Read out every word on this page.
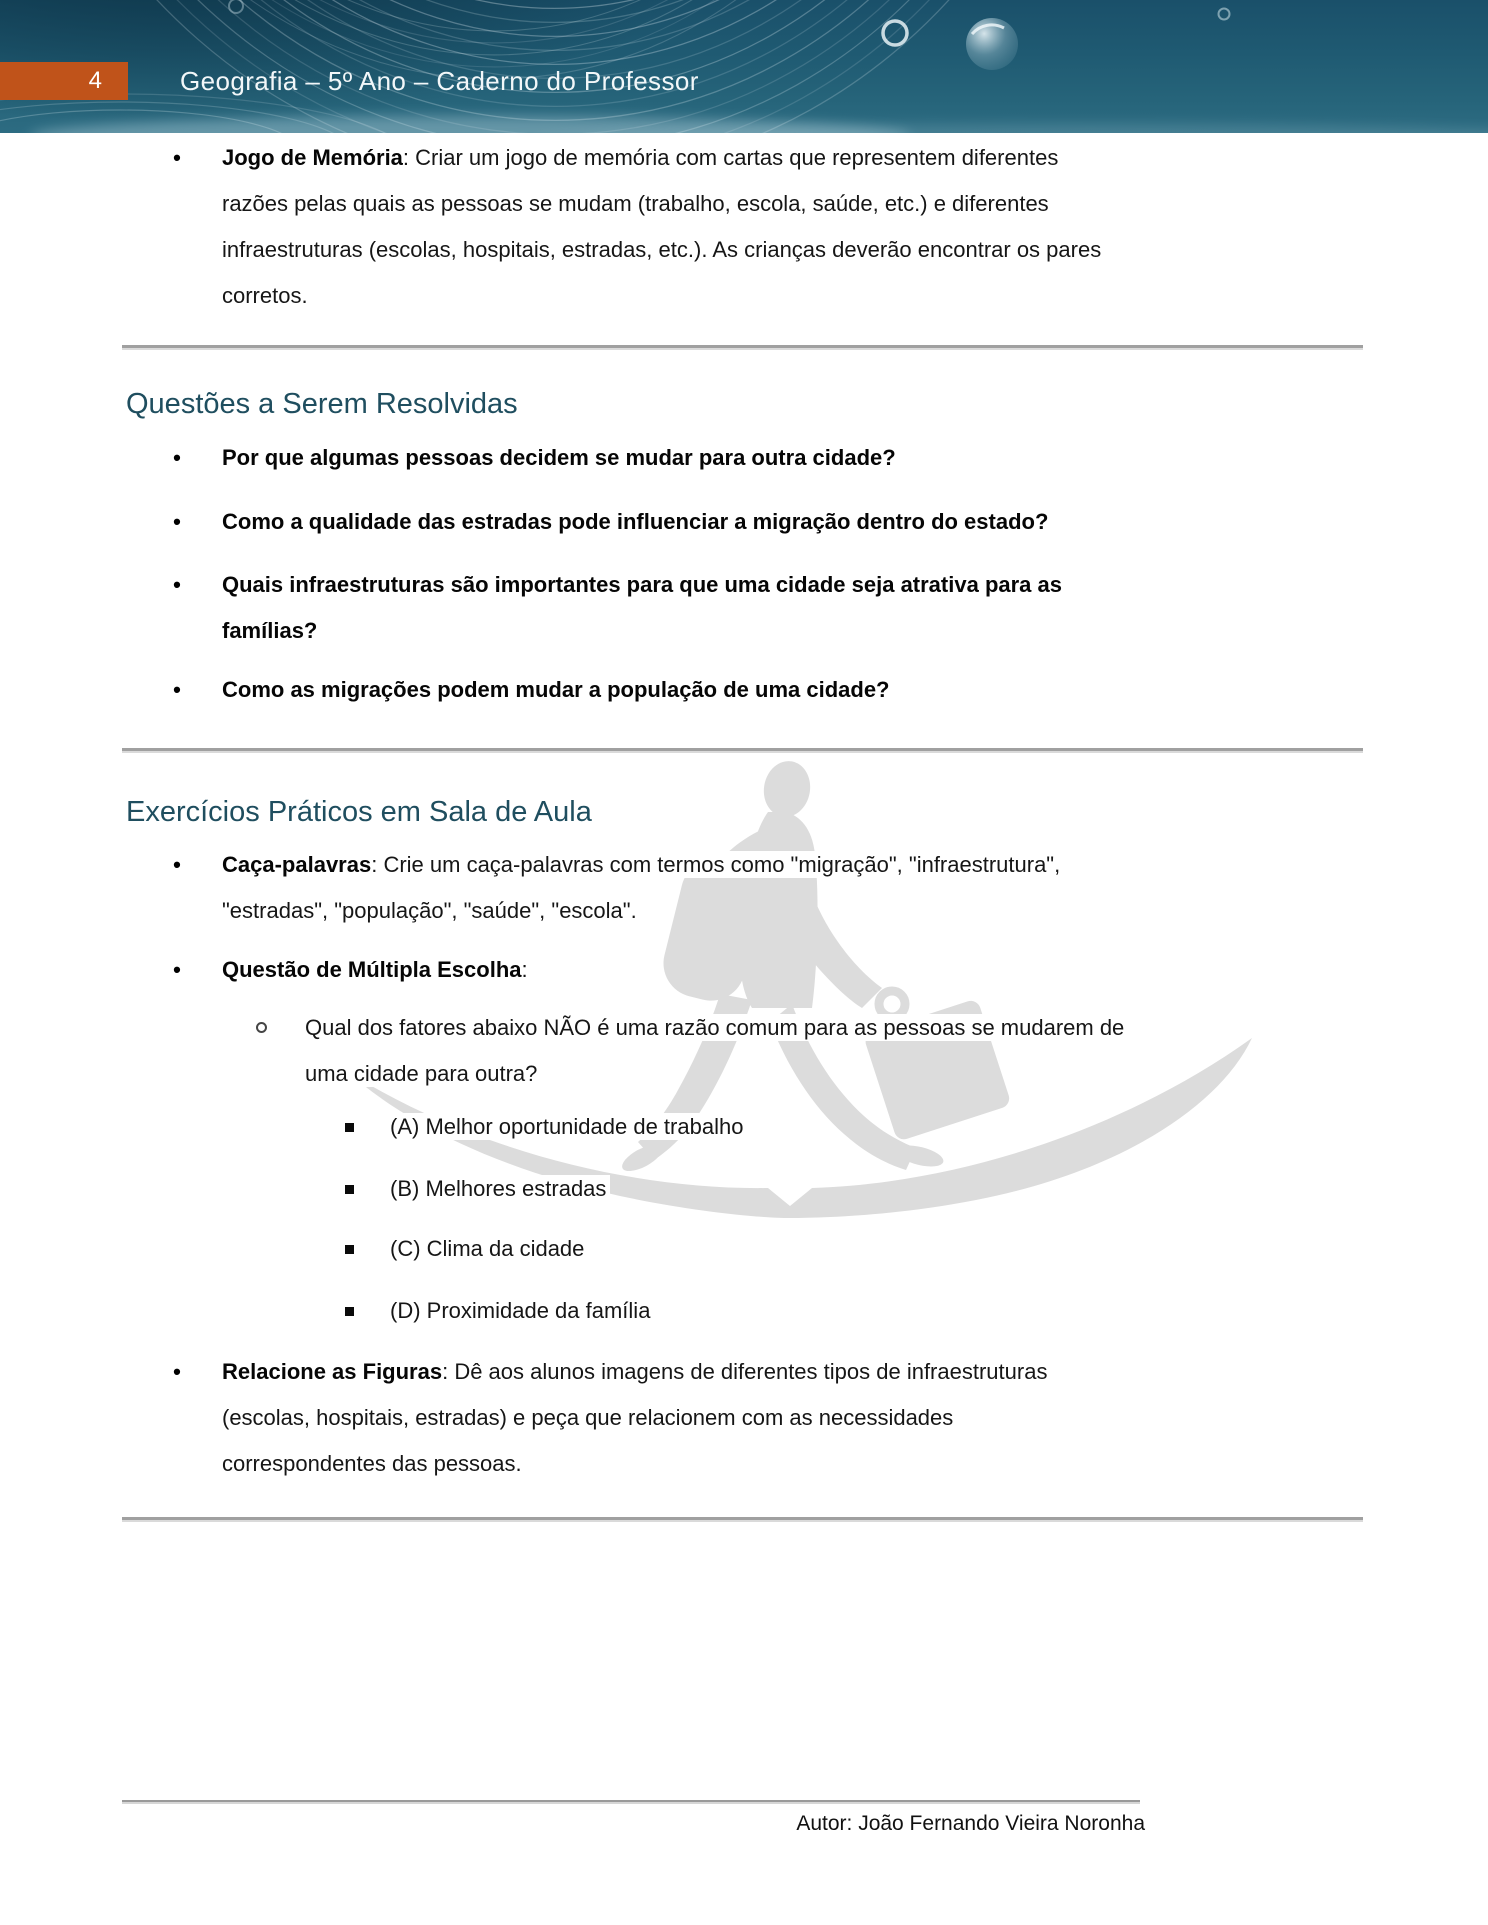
4	Geografia – 5º Ano – Caderno do Professor
• Jogo de Memória: Criar um jogo de memória com cartas que representem diferentes
razões pelas quais as pessoas se mudam (trabalho, escola, saúde, etc.) e diferentes
infraestruturas (escolas, hospitais, estradas, etc.). As crianças deverão encontrar os pares
corretos.
Questões a Serem Resolvidas
• Por que algumas pessoas decidem se mudar para outra cidade?
• Como a qualidade das estradas pode influenciar a migração dentro do estado?
• Quais infraestruturas são importantes para que uma cidade seja atrativa para as
famílias?
• Como as migrações podem mudar a população de uma cidade?
Exercícios Práticos em Sala de Aula
• Caça-palavras: Crie um caça-palavras com termos como "migração", "infraestrutura",
"estradas", "população", "saúde", "escola".
• Questão de Múltipla Escolha:
Qual dos fatores abaixo NÃO é uma razão comum para as pessoas se mudarem de
uma cidade para outra?
(A) Melhor oportunidade de trabalho
(B) Melhores estradas
(C) Clima da cidade
(D) Proximidade da família
• Relacione as Figuras: Dê aos alunos imagens de diferentes tipos de infraestruturas
(escolas, hospitais, estradas) e peça que relacionem com as necessidades
correspondentes das pessoas.
Autor: João Fernando Vieira Noronha
